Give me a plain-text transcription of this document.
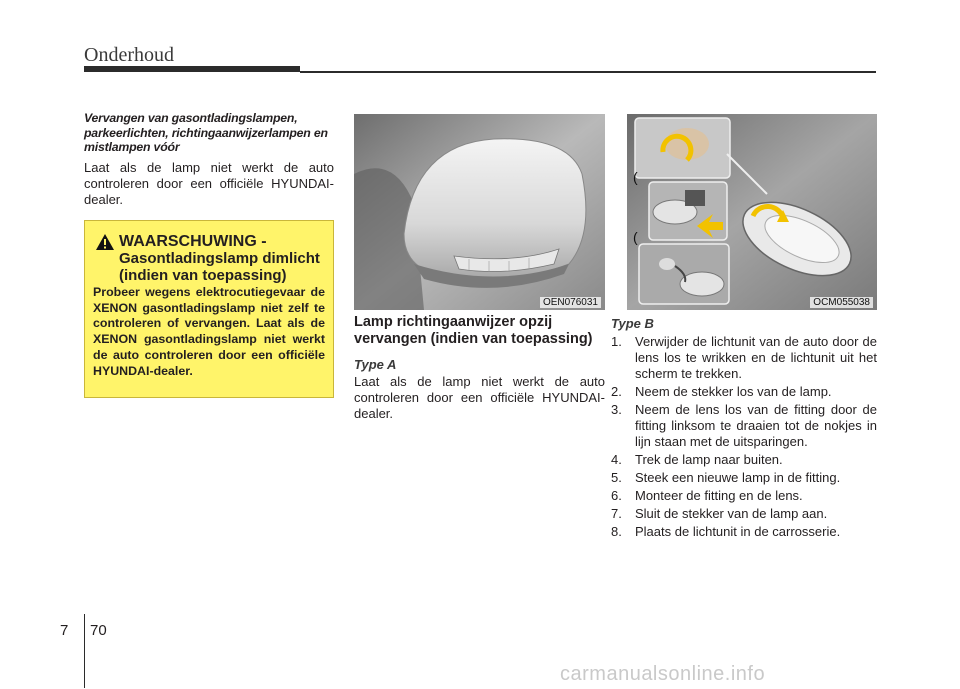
Onderhoud

Vervangen van gasontladingslampen, parkeerlichten, richtingaanwijzerlampen en mistlampen vóór

Laat als de lamp niet werkt de auto controleren door een officiële HYUNDAI-dealer.

WAARSCHUWING -
Gasontladingslamp dimlicht (indien van toepassing)
Probeer wegens elektrocutiegevaar de XENON gasontladingslamp niet zelf te controleren of vervangen. Laat als de XENON gasontladingslamp niet werkt de auto controleren door een officiële HYUNDAI-dealer.
OEN076031
(
(
OCM055038

Lamp richtingaanwijzer opzij vervangen (indien van toepassing)

Type A

Laat als de lamp niet werkt de auto controleren door een officiële HYUNDAI-dealer.

Type B

1. Verwijder de lichtunit van de auto door de lens los te wrikken en de lichtunit uit het scherm te trekken.
2. Neem de stekker los van de lamp.
3. Neem de lens los van de fitting door de fitting linksom te draaien tot de nokjes in lijn staan met de uitsparingen.
4. Trek de lamp naar buiten.
5. Steek een nieuwe lamp in de fitting.
6. Monteer de fitting en de lens.
7. Sluit de stekker van de lamp aan.
8. Plaats de lichtunit in de carrosserie.
7 70
carmanualsonline.info
